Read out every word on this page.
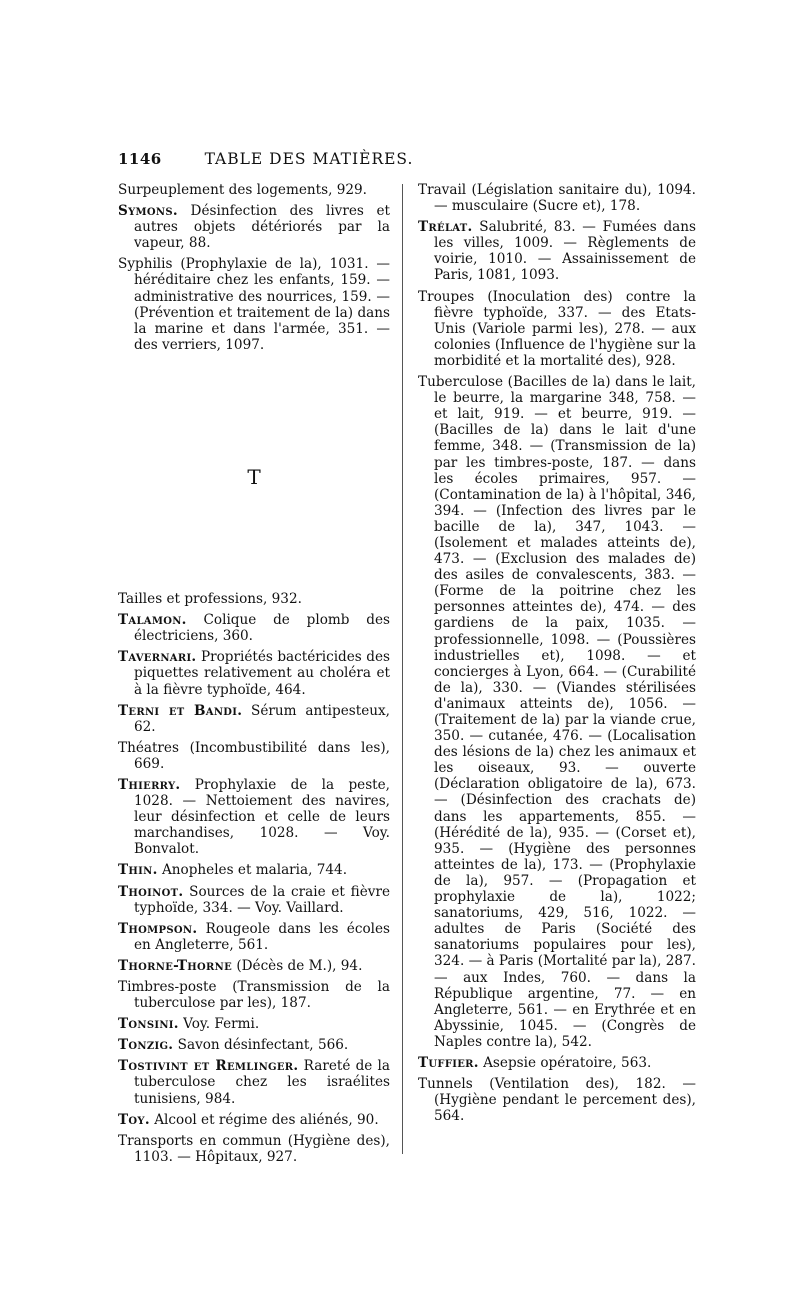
TABLE DES MATIÈRES.
1146
Surpeuplement des logements, 929.
Symons. Désinfection des livres et autres objets détériorés par la vapeur, 88.
Syphilis (Prophylaxie de la), 1031. — héréditaire chez les enfants, 159. — administrative des nourrices, 159. — (Prévention et traitement de la) dans la marine et dans l'armée, 351. — des verriers, 1097.
T
Tailles et professions, 932.
Talamon. Colique de plomb des électriciens, 360.
Tavernari. Propriétés bactéricides des piquettes relativement au choléra et à la fièvre typhoïde, 464.
Terni et Bandi. Sérum antipesteux, 62.
Théatres (Incombustibilité dans les), 669.
Thierry. Prophylaxie de la peste, 1028. — Nettoiement des navires, leur désinfection et celle de leurs marchandises, 1028. — Voy. Bonvalot.
Thin. Anopheles et malaria, 744.
Thoinot. Sources de la craie et fièvre typhoïde, 334. — Voy. Vaillard.
Thompson. Rougeole dans les écoles en Angleterre, 561.
Thorne-Thorne (Décès de M.), 94.
Timbres-poste (Transmission de la tuberculose par les), 187.
Tonsini. Voy. Fermi.
Tonzig. Savon désinfectant, 566.
Tostivint et Remlinger. Rareté de la tuberculose chez les israélites tunisiens, 984.
Toy. Alcool et régime des aliénés, 90.
Transports en commun (Hygiène des), 1103. — Hôpitaux, 927.
Travail (Législation sanitaire du), 1094. — musculaire (Sucre et), 178.
Trélat. Salubrité, 83. — Fumées dans les villes, 1009. — Règlements de voirie, 1010. — Assainissement de Paris, 1081, 1093.
Troupes (Inoculation des) contre la fièvre typhoïde, 337. — des Etats-Unis (Variole parmi les), 278. — aux colonies (Influence de l'hygiène sur la morbidité et la mortalité des), 928.
Tuberculose (Bacilles de la) dans le lait, le beurre, la margarine 348, 758. — et lait, 919. — et beurre, 919. — (Bacilles de la) dans le lait d'une femme, 348. — (Transmission de la) par les timbres-poste, 187. — dans les écoles primaires, 957. — (Contamination de la) à l'hôpital, 346, 394. — (Infection des livres par le bacille de la), 347, 1043. — (Isolement et malades atteints de), 473. — (Exclusion des malades de) des asiles de convalescents, 383. — (Forme de la poitrine chez les personnes atteintes de), 474. — des gardiens de la paix, 1035. — professionnelle, 1098. — (Poussières industrielles et), 1098. — et concierges à Lyon, 664. — (Curabilité de la), 330. — (Viandes stérilisées d'animaux atteints de), 1056. — (Traitement de la) par la viande crue, 350. — cutanée, 476. — (Localisation des lésions de la) chez les animaux et les oiseaux, 93. — ouverte (Déclaration obligatoire de la), 673. — (Désinfection des crachats de) dans les appartements, 855. — (Hérédité de la), 935. — (Corset et), 935. — (Hygiène des personnes atteintes de la), 173. — (Prophylaxie de la), 957. — (Propagation et prophylaxie de la), 1022; sanatoriums, 429, 516, 1022. — adultes de Paris (Société des sanatoriums populaires pour les), 324. — à Paris (Mortalité par la), 287. — aux Indes, 760. — dans la République argentine, 77. — en Angleterre, 561. — en Erythrée et en Abyssinie, 1045. — (Congrès de Naples contre la), 542.
Tuffier. Asepsie opératoire, 563.
Tunnels (Ventilation des), 182. — (Hygiène pendant le percement des), 564.
